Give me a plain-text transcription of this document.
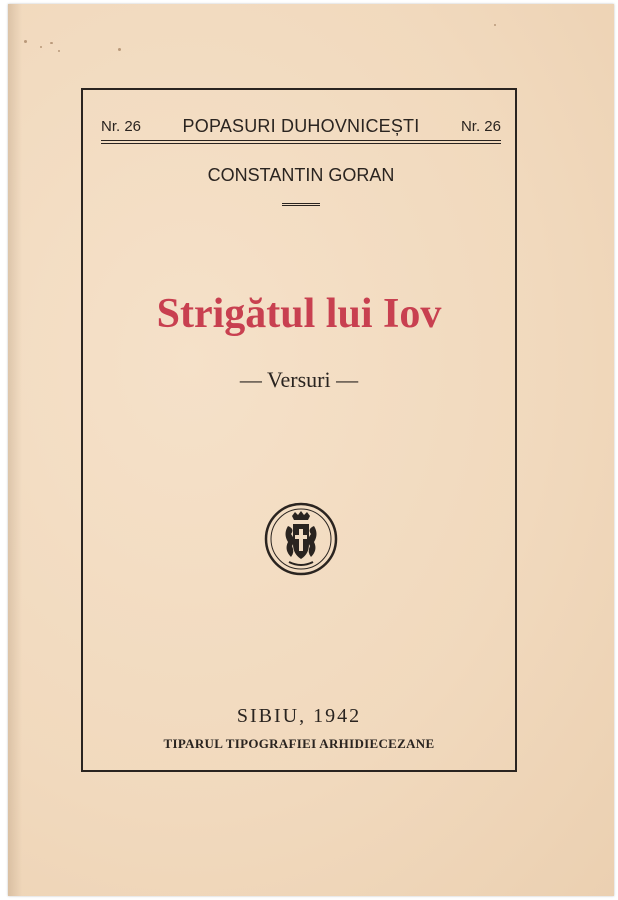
Nr. 26	POPASURI DUHOVNICEȘTI	Nr. 26
CONSTANTIN GORAN
Strigătul lui Iov
— Versuri —
SIBIU, 1942
TIPARUL TIPOGRAFIEI ARHIDIECEZANE
